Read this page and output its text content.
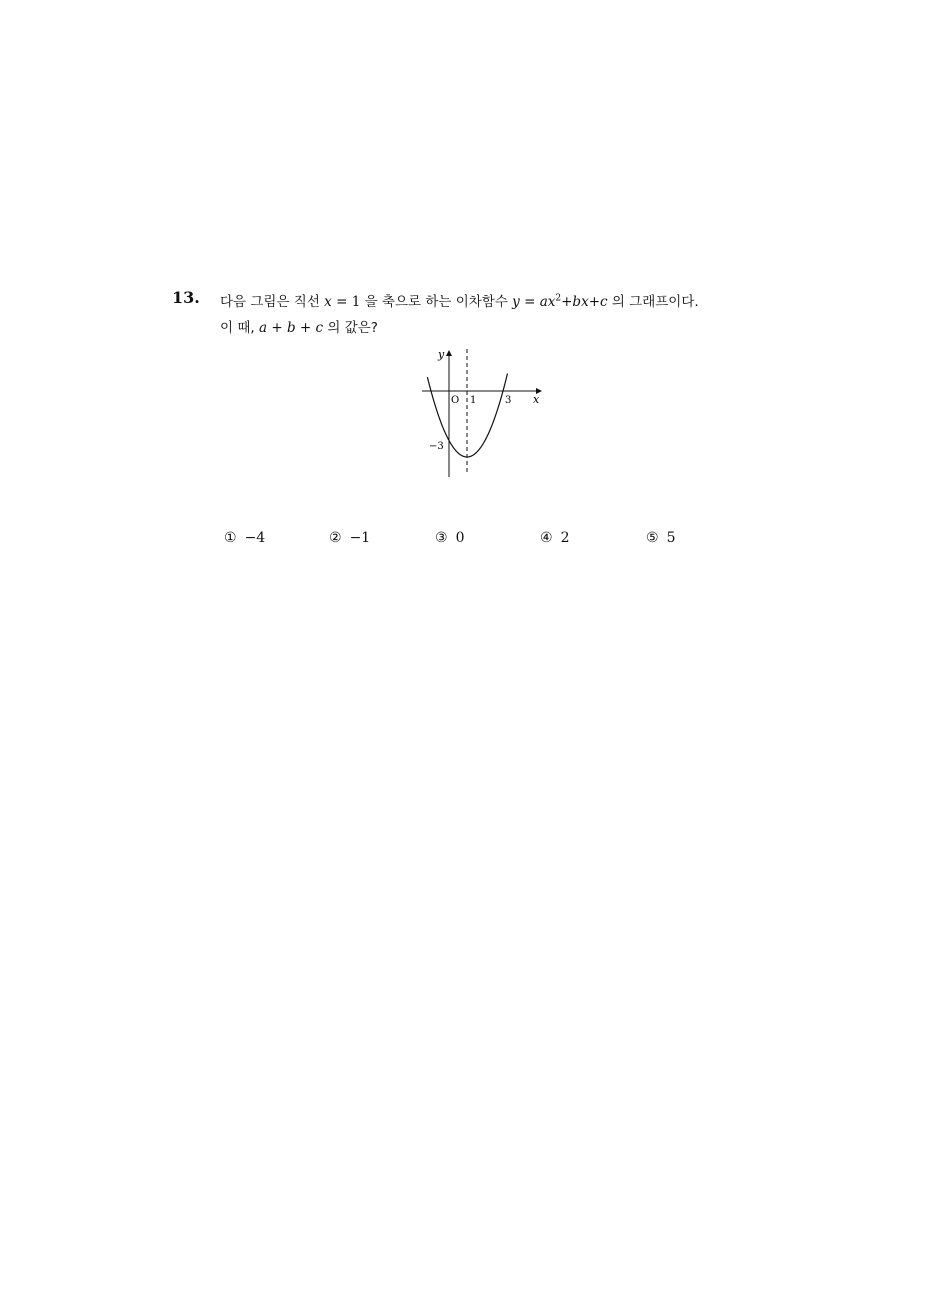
13. 다음 그림은 직선 x = 1 을 축으로 하는 이차함수 $y = ax^2+bx+c$ 의 그래프이다.
이 때, a + b + c 의 값은?
y
x
O 1	3
−3
① −4	② −1	③ 0	④ 2	⑤ 5
